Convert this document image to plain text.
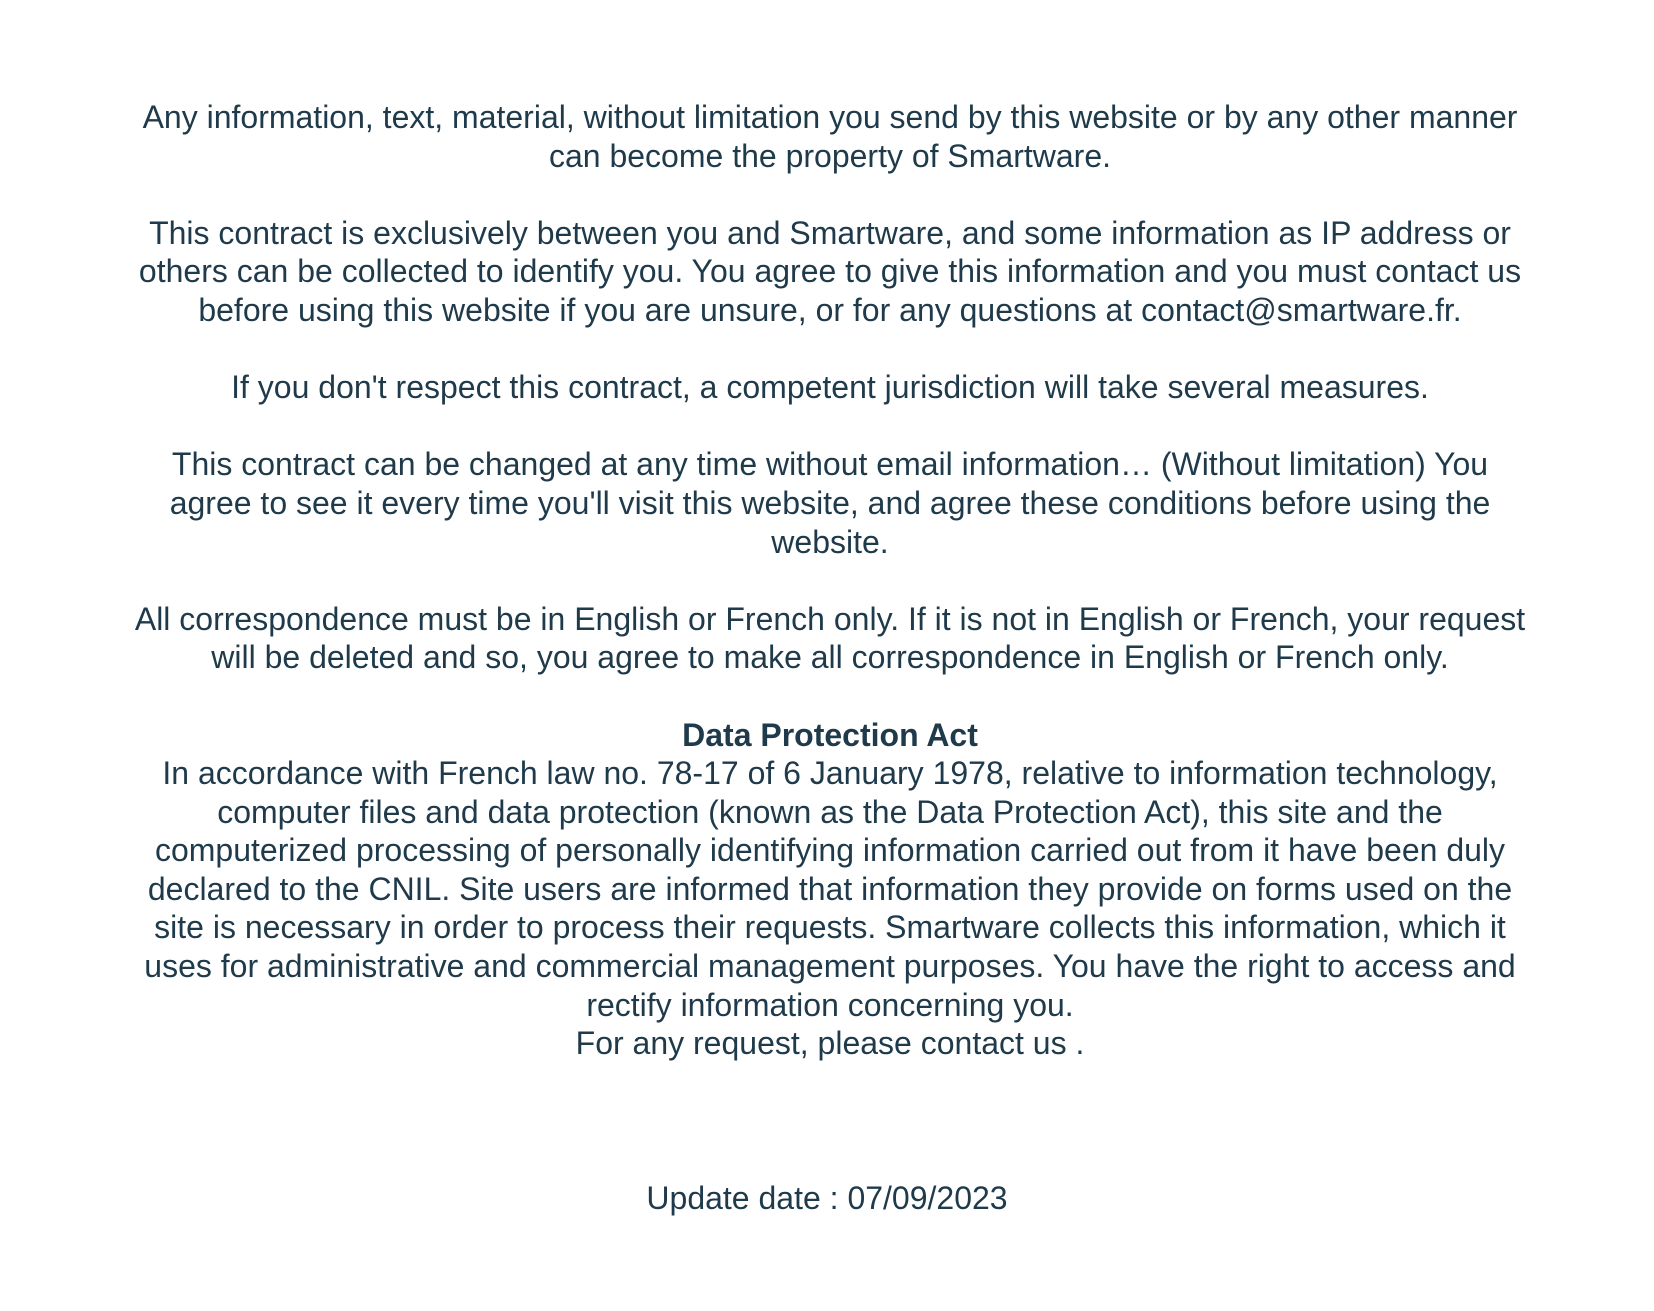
Any information, text, material, without limitation you send by this website or by any other manner
can become the property of Smartware.

This contract is exclusively between you and Smartware, and some information as IP address or
others can be collected to identify you. You agree to give this information and you must contact us
before using this website if you are unsure, or for any questions at contact@smartware.fr.

If you don't respect this contract, a competent jurisdiction will take several measures.

This contract can be changed at any time without email information… (Without limitation) You
agree to see it every time you'll visit this website, and agree these conditions before using the
website.

All correspondence must be in English or French only. If it is not in English or French, your request
will be deleted and so, you agree to make all correspondence in English or French only.

Data Protection Act

In accordance with French law no. 78-17 of 6 January 1978, relative to information technology,
computer files and data protection (known as the Data Protection Act), this site and the
computerized processing of personally identifying information carried out from it have been duly
declared to the CNIL. Site users are informed that information they provide on forms used on the
site is necessary in order to process their requests. Smartware collects this information, which it
uses for administrative and commercial management purposes. You have the right to access and
rectify information concerning you.

For any request, please contact us .

Update date : 07/09/2023
